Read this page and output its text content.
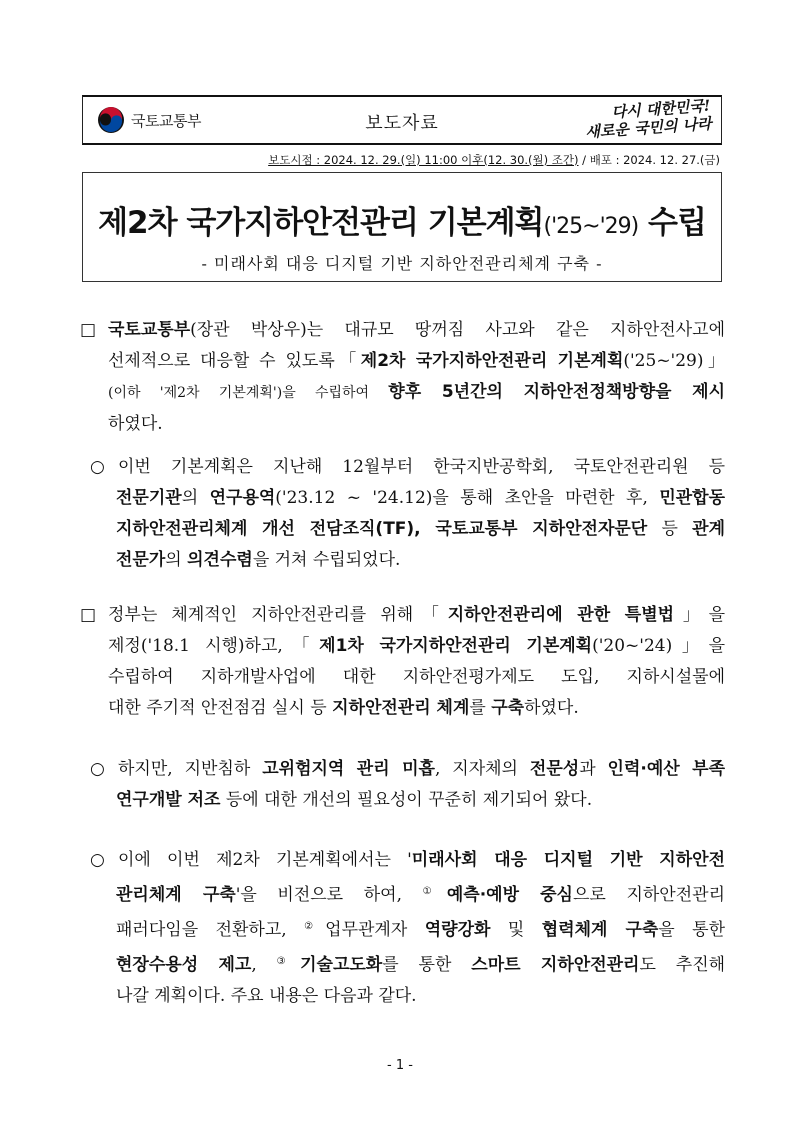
국토교통부	보도자료
다시 대한민국!
새로운 국민의 나라
보도시점 : 2024. 12. 29.(일) 11:00 이후(12. 30.(월) 조간) / 배포 : 2024. 12. 27.(금)
제2차 국가지하안전관리 기본계획('25~'29) 수립
- 미래사회 대응 디지털 기반 지하안전관리체계 구축 -
□ 국토교통부(장관 박상우)는 대규모 땅꺼짐 사고와 같은 지하안전사고에
선제적으로 대응할 수 있도록「제2차 국가지하안전관리 기본계획('25~'29)」
(이하 '제2차 기본계획')을 수립하여 향후 5년간의 지하안전정책방향을 제시
하였다.
○ 이번 기본계획은 지난해 12월부터 한국지반공학회, 국토안전관리원 등
전문기관의 연구용역('23.12 ~ '24.12)을 통해 초안을 마련한 후, 민관합동
지하안전관리체계 개선 전담조직(TF), 국토교통부 지하안전자문단 등 관계
전문가의 의견수렴을 거쳐 수립되었다.
□ 정부는 체계적인 지하안전관리를 위해「지하안전관리에 관한 특별법」을
제정('18.1 시행)하고,「제1차 국가지하안전관리 기본계획('20~'24)」을
수립하여 지하개발사업에 대한 지하안전평가제도 도입, 지하시설물에
대한 주기적 안전점검 실시 등 지하안전관리 체계를 구축하였다.
○ 하지만, 지반침하 고위험지역 관리 미흡, 지자체의 전문성과 인력·예산 부족
연구개발 저조 등에 대한 개선의 필요성이 꾸준히 제기되어 왔다.
○ 이에 이번 제2차 기본계획에서는 '미래사회 대응 디지털 기반 지하안전
관리체계 구축'을 비전으로 하여, ①예측·예방 중심으로 지하안전관리
패러다임을 전환하고, ②업무관계자 역량강화 및 협력체계 구축을 통한
현장수용성 제고, ③기술고도화를 통한 스마트 지하안전관리도 추진해
나갈 계획이다. 주요 내용은 다음과 같다.
- 1 -
